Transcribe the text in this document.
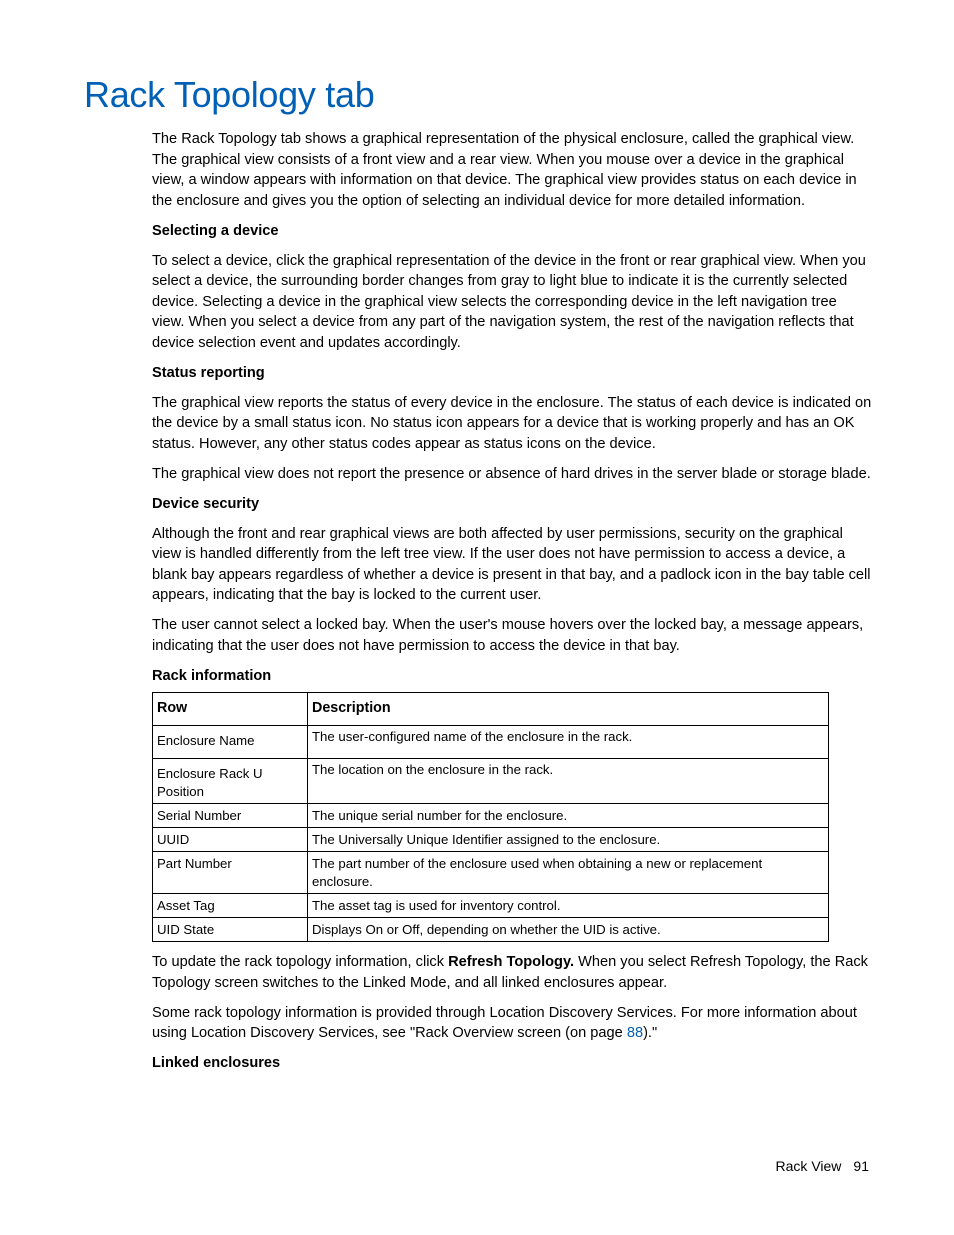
Rack Topology tab

The Rack Topology tab shows a graphical representation of the physical enclosure, called the graphical view. The graphical view consists of a front view and a rear view. When you mouse over a device in the graphical view, a window appears with information on that device. The graphical view provides status on each device in the enclosure and gives you the option of selecting an individual device for more detailed information.

Selecting a device

To select a device, click the graphical representation of the device in the front or rear graphical view. When you select a device, the surrounding border changes from gray to light blue to indicate it is the currently selected device. Selecting a device in the graphical view selects the corresponding device in the left navigation tree view. When you select a device from any part of the navigation system, the rest of the navigation reflects that device selection event and updates accordingly.

Status reporting

The graphical view reports the status of every device in the enclosure. The status of each device is indicated on the device by a small status icon. No status icon appears for a device that is working properly and has an OK status. However, any other status codes appear as status icons on the device.

The graphical view does not report the presence or absence of hard drives in the server blade or storage blade.

Device security

Although the front and rear graphical views are both affected by user permissions, security on the graphical view is handled differently from the left tree view. If the user does not have permission to access a device, a blank bay appears regardless of whether a device is present in that bay, and a padlock icon in the bay table cell appears, indicating that the bay is locked to the current user.

The user cannot select a locked bay. When the user's mouse hovers over the locked bay, a message appears, indicating that the user does not have permission to access the device in that bay.

Rack information
Row	Description
Enclosure Name	The user-configured name of the enclosure in the rack.
Enclosure Rack U Position	The location on the enclosure in the rack.
Serial Number	The unique serial number for the enclosure.
UUID	The Universally Unique Identifier assigned to the enclosure.
Part Number	The part number of the enclosure used when obtaining a new or replacement enclosure.
Asset Tag	The asset tag is used for inventory control.
UID State	Displays On or Off, depending on whether the UID is active.

To update the rack topology information, click Refresh Topology. When you select Refresh Topology, the Rack Topology screen switches to the Linked Mode, and all linked enclosures appear.

Some rack topology information is provided through Location Discovery Services. For more information about using Location Discovery Services, see "Rack Overview screen (on page 88)."

Linked enclosures
Rack View 91
